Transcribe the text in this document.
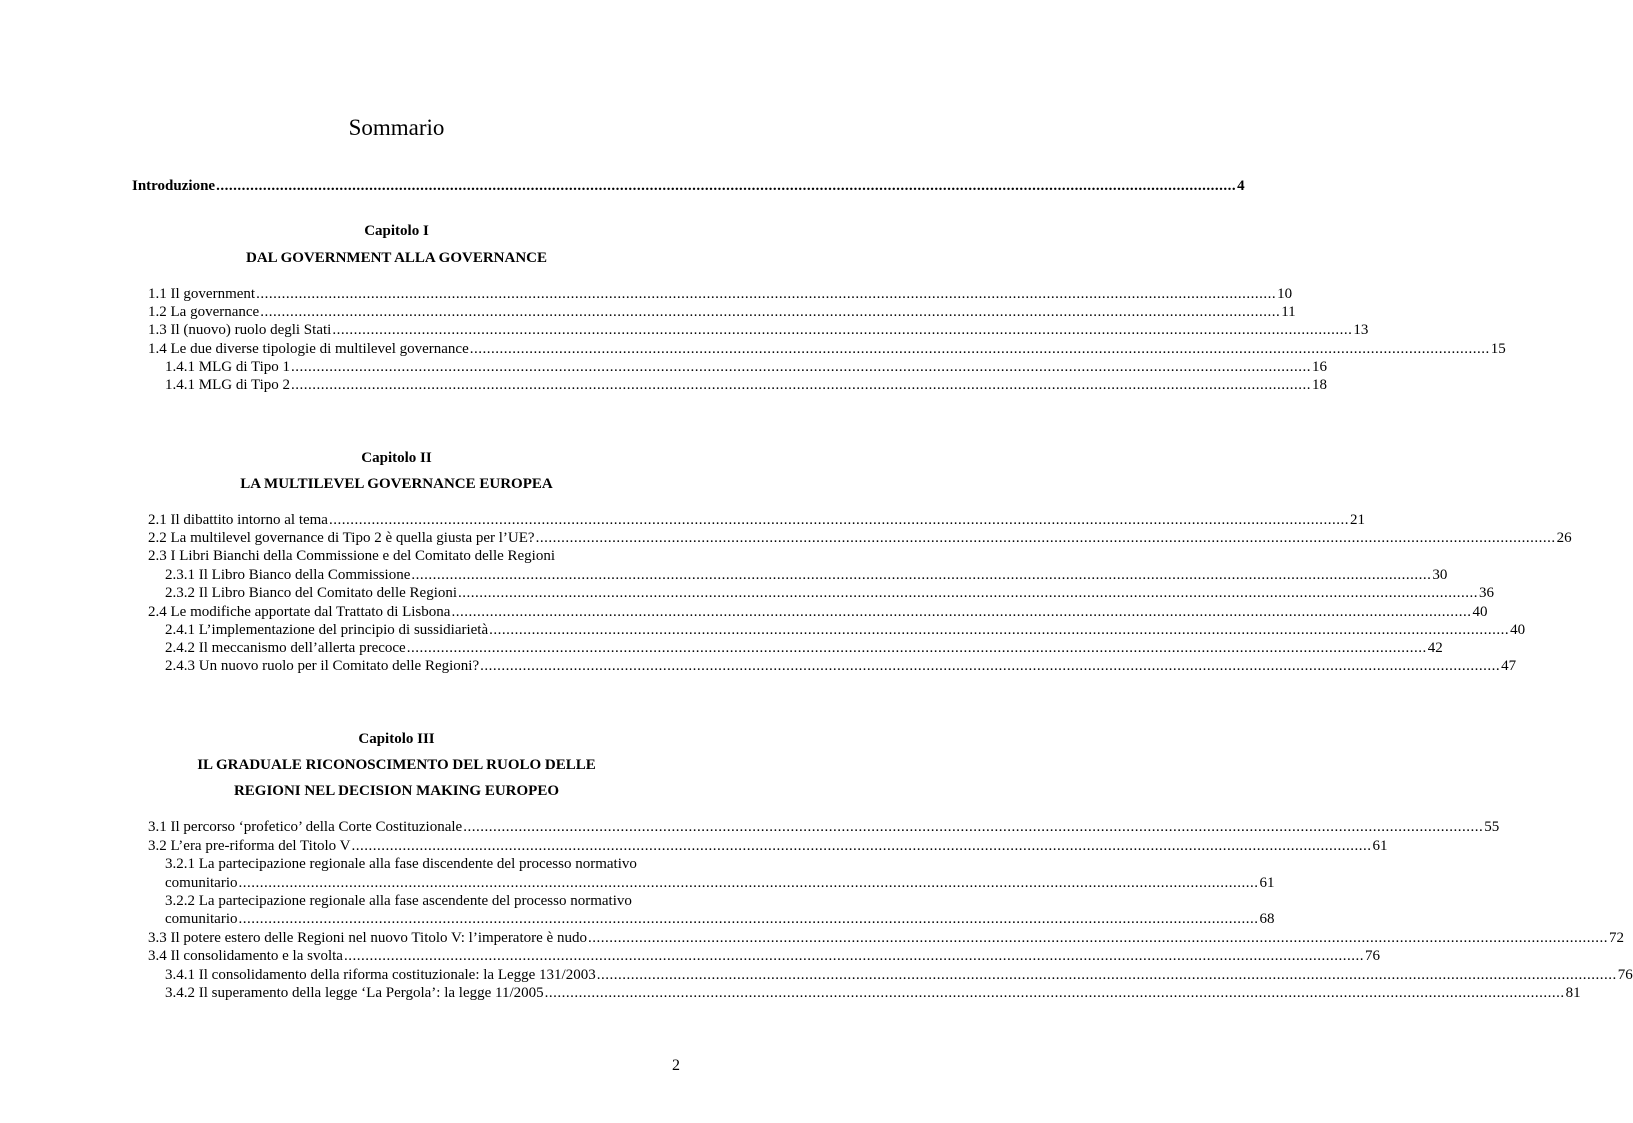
Sommario
Introduzione ................................................................................................................................................................................................................................................ 4
Capitolo I
DAL GOVERNMENT ALLA GOVERNANCE
1.1 Il government ................................................................................................................................................................................................................................................ 10
1.2 La governance ................................................................................................................................................................................................................................................ 11
1.3 Il (nuovo) ruolo degli Stati ................................................................................................................................................................................................................................................ 13
1.4 Le due diverse tipologie di multilevel governance ................................................................................................................................................................................................................................................ 15
1.4.1 MLG di Tipo 1 ................................................................................................................................................................................................................................................ 16
1.4.1 MLG di Tipo 2 ................................................................................................................................................................................................................................................ 18
Capitolo II
LA MULTILEVEL GOVERNANCE EUROPEA
2.1 Il dibattito intorno al tema ................................................................................................................................................................................................................................................ 21
2.2 La multilevel governance di Tipo 2 è quella giusta per l’UE? ................................................................................................................................................................................................................................................ 26
2.3 I Libri Bianchi della Commissione e del Comitato delle Regioni
2.3.1 Il Libro Bianco della Commissione ................................................................................................................................................................................................................................................ 30
2.3.2 Il Libro Bianco del Comitato delle Regioni ................................................................................................................................................................................................................................................ 36
2.4 Le modifiche apportate dal Trattato di Lisbona ................................................................................................................................................................................................................................................ 40
2.4.1 L’implementazione del principio di sussidiarietà ................................................................................................................................................................................................................................................ 40
2.4.2 Il meccanismo dell’allerta precoce ................................................................................................................................................................................................................................................ 42
2.4.3 Un nuovo ruolo per il Comitato delle Regioni? ................................................................................................................................................................................................................................................ 47
Capitolo III
IL GRADUALE RICONOSCIMENTO DEL RUOLO DELLE
REGIONI NEL DECISION MAKING EUROPEO
3.1 Il percorso ‘profetico’ della Corte Costituzionale ................................................................................................................................................................................................................................................ 55
3.2 L’era pre-riforma del Titolo V ................................................................................................................................................................................................................................................ 61
3.2.1 La partecipazione regionale alla fase discendente del processo normativo
comunitario ................................................................................................................................................................................................................................................ 61
3.2.2 La partecipazione regionale alla fase ascendente del processo normativo
comunitario ................................................................................................................................................................................................................................................ 68
3.3 Il potere estero delle Regioni nel nuovo Titolo V: l’imperatore è nudo ................................................................................................................................................................................................................................................ 72
3.4 Il consolidamento e la svolta ................................................................................................................................................................................................................................................ 76
3.4.1 Il consolidamento della riforma costituzionale: la Legge 131/2003 ................................................................................................................................................................................................................................................ 76
3.4.2 Il superamento della legge ‘La Pergola’: la legge 11/2005 ................................................................................................................................................................................................................................................ 81
2
